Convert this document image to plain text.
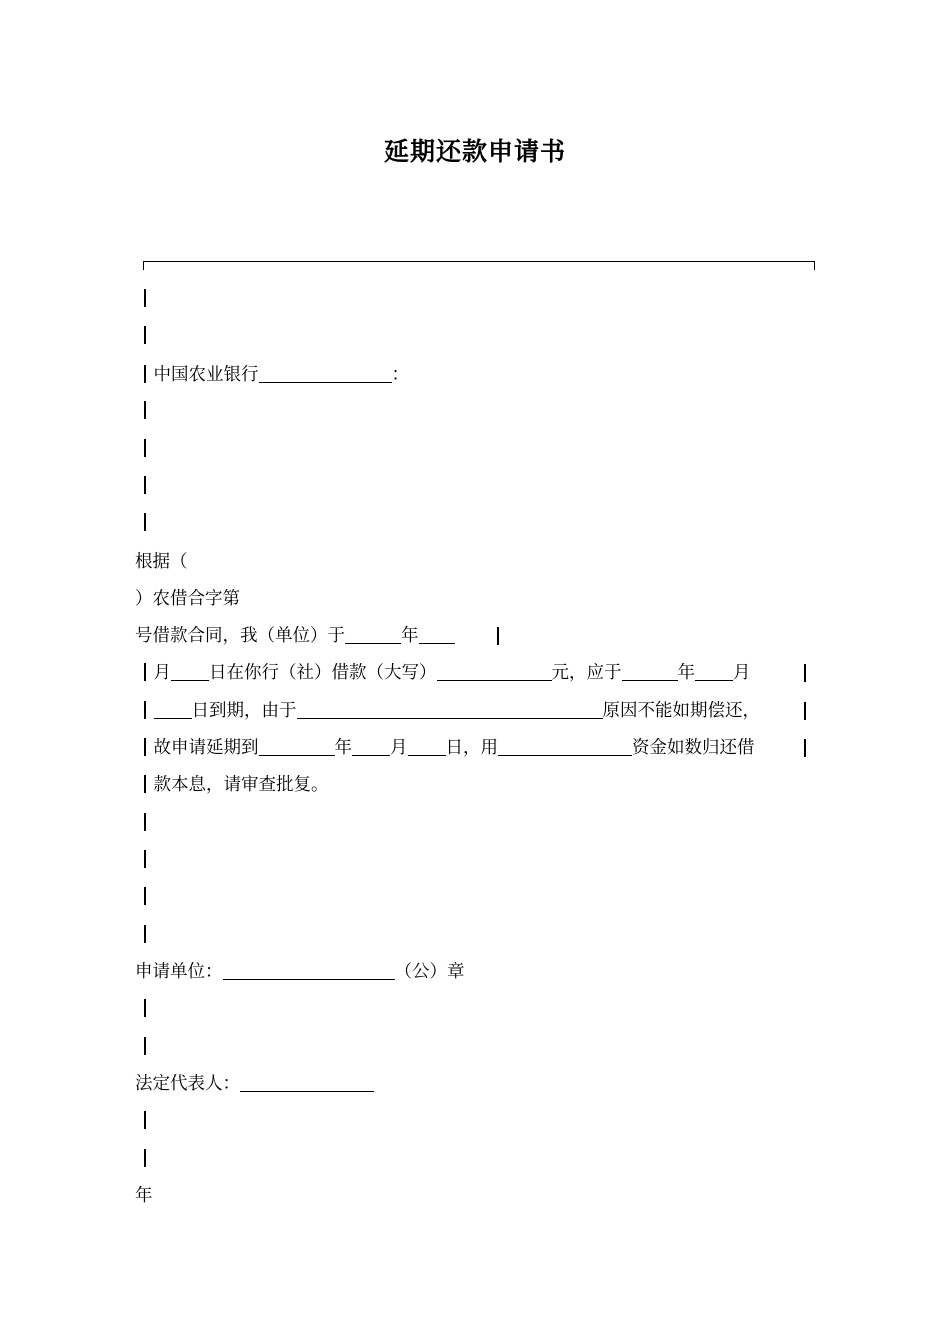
延期还款申请书
中国农业银行	：
根据（
）农借合字第
号借款合同，我（单位）于	年
月 日在你行（社）借款（大写）	元，应于	年 月
日到期，由于	原因不能如期偿还，
故申请延期到	年 月 日，用	资金如数归还借
款本息，请审查批复。
申请单位：	（公）章
法定代表人：
年
